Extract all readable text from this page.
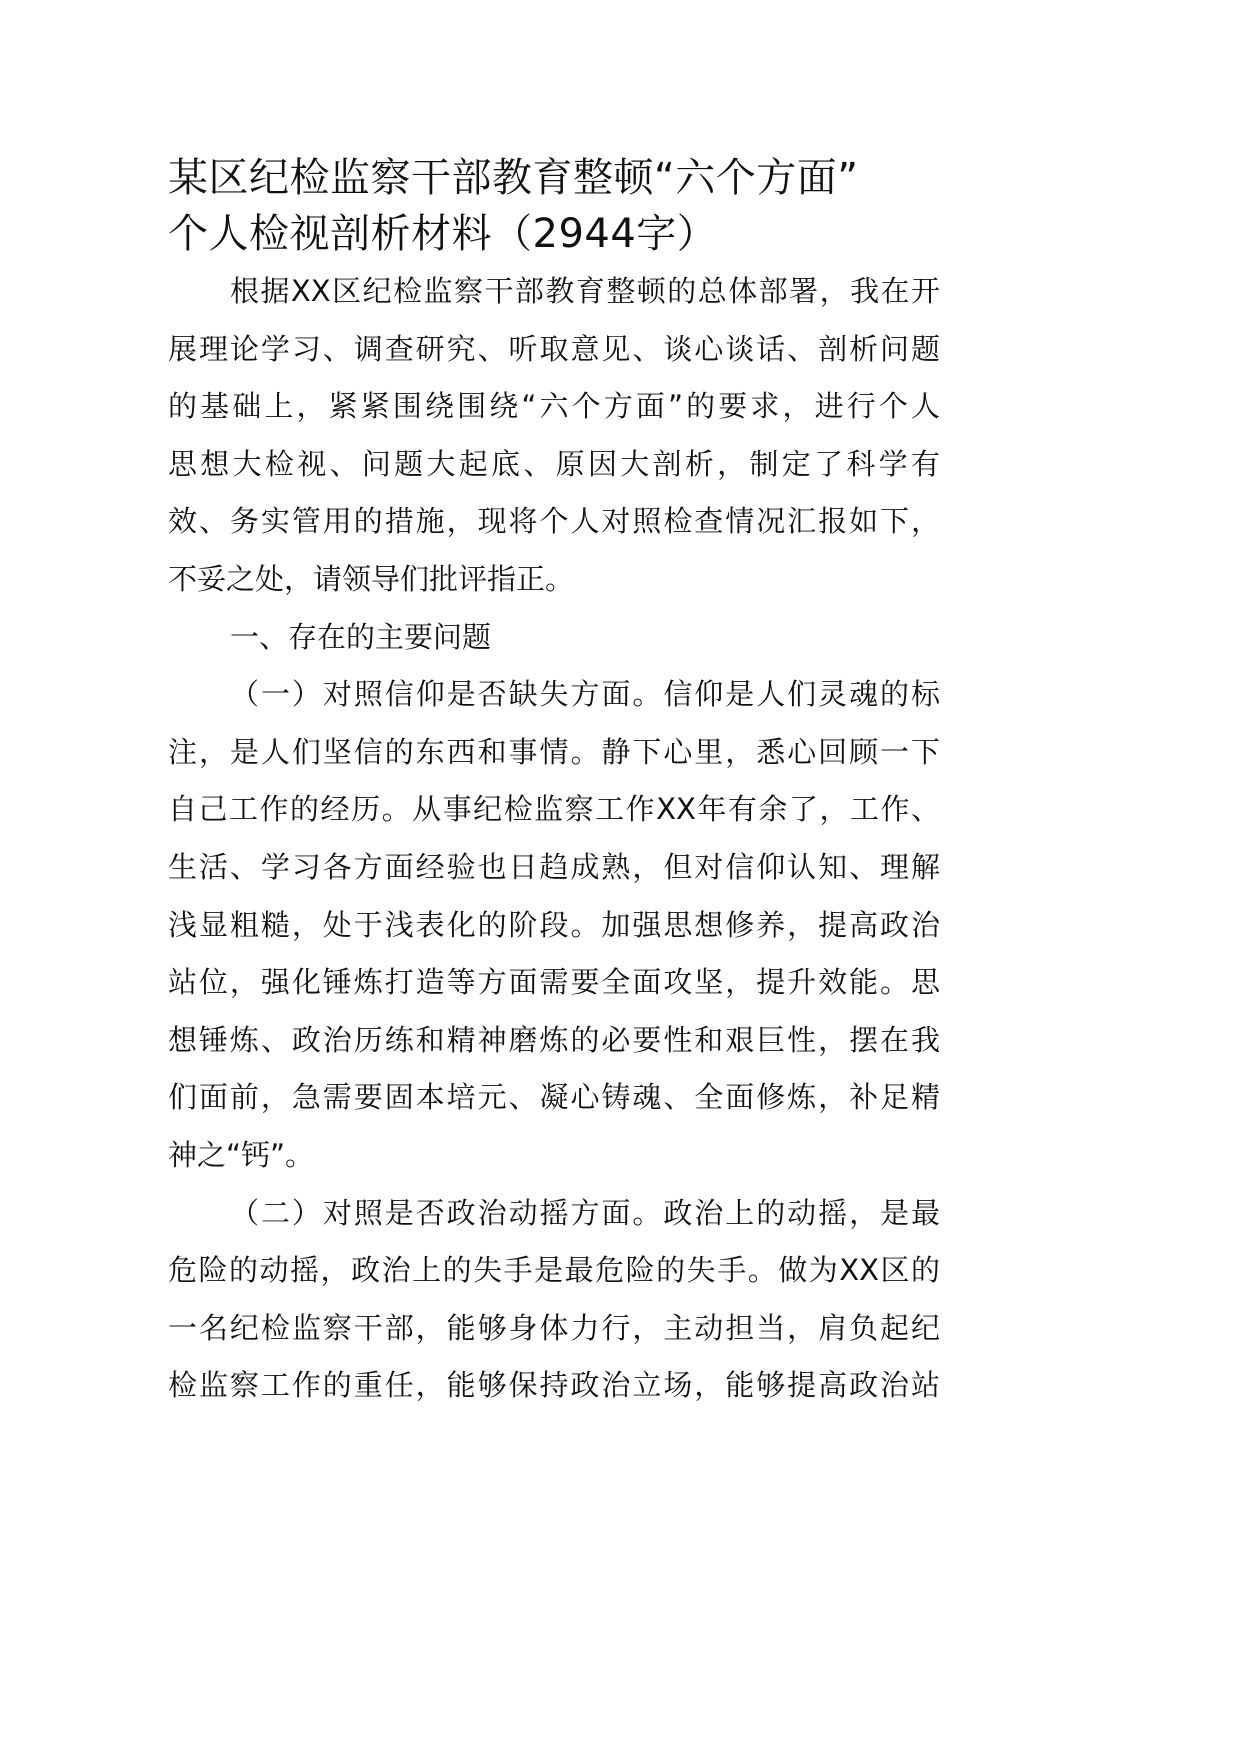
某区纪检监察干部教育整顿“六个方面”
个人检视剖析材料（2944字）
根据XX区纪检监察干部教育整顿的总体部署，我在开
展理论学习、调查研究、听取意见、谈心谈话、剖析问题
的基础上，紧紧围绕围绕“六个方面”的要求，进行个人
思想大检视、问题大起底、原因大剖析，制定了科学有
效、务实管用的措施，现将个人对照检查情况汇报如下，
不妥之处，请领导们批评指正。
一、存在的主要问题
（一）对照信仰是否缺失方面。信仰是人们灵魂的标
注，是人们坚信的东西和事情。静下心里，悉心回顾一下
自己工作的经历。从事纪检监察工作XX年有余了，工作、
生活、学习各方面经验也日趋成熟，但对信仰认知、理解
浅显粗糙，处于浅表化的阶段。加强思想修养，提高政治
站位，强化锤炼打造等方面需要全面攻坚，提升效能。思
想锤炼、政治历练和精神磨炼的必要性和艰巨性，摆在我
们面前，急需要固本培元、凝心铸魂、全面修炼，补足精
神之“钙”。
（二）对照是否政治动摇方面。政治上的动摇，是最
危险的动摇，政治上的失手是最危险的失手。做为XX区的
一名纪检监察干部，能够身体力行，主动担当，肩负起纪
检监察工作的重任，能够保持政治立场，能够提高政治站
